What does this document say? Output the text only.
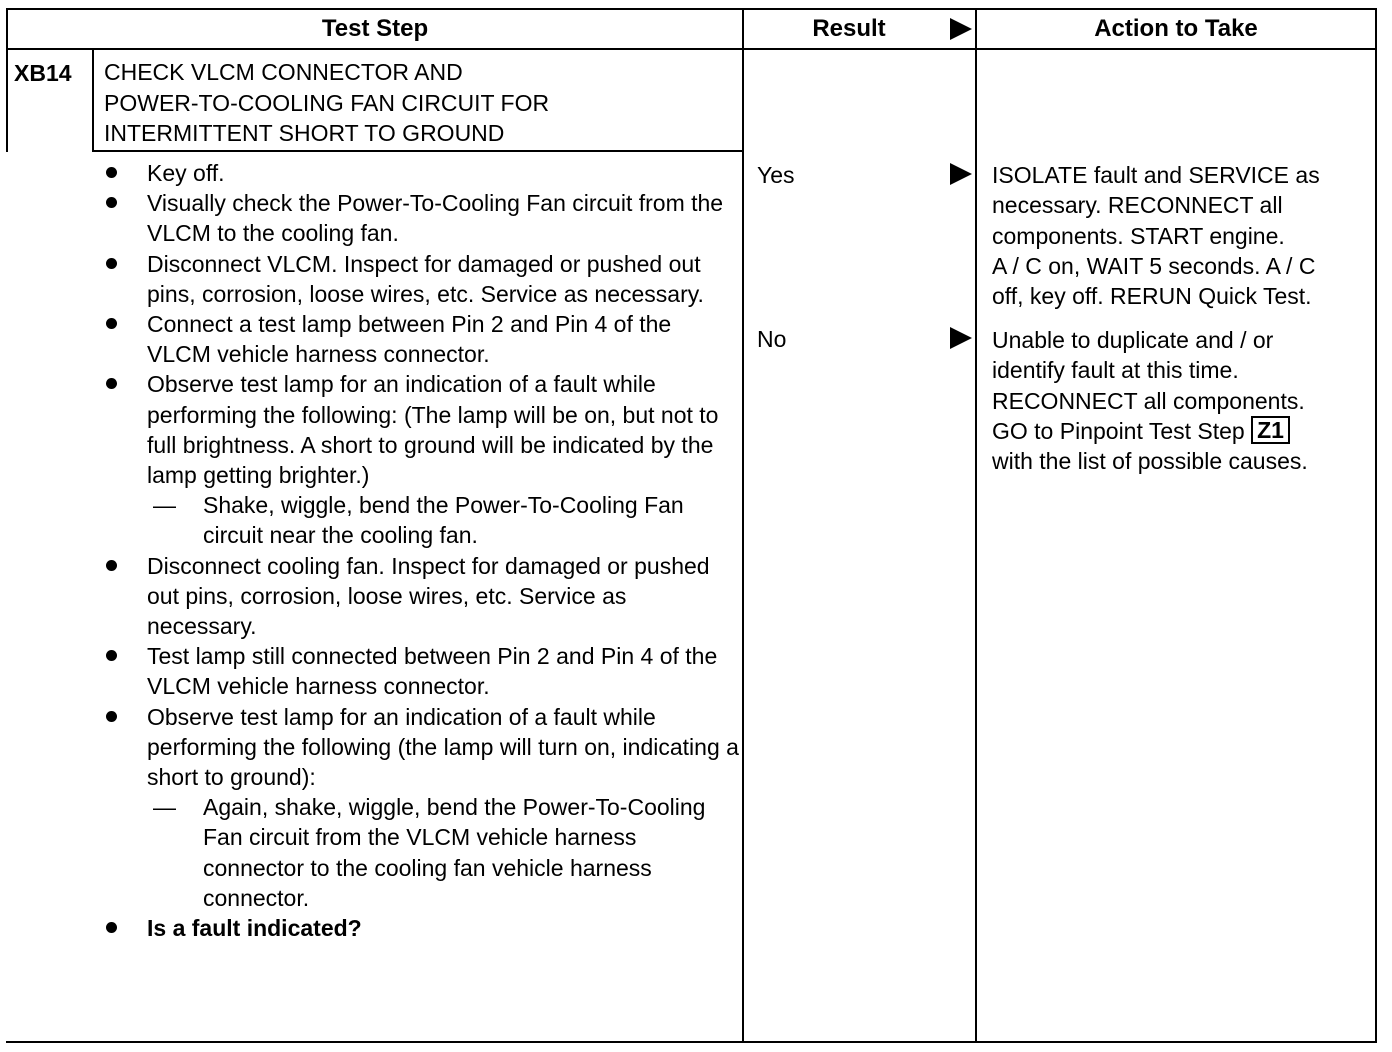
Test Step	Result	Action to Take
XB14 CHECK VLCM CONNECTOR AND
POWER-TO-COOLING FAN CIRCUIT FOR
INTERMITTENT SHORT TO GROUND
Key off.
Visually check the Power-To-Cooling Fan circuit from the VLCM to the cooling fan.
Disconnect VLCM. Inspect for damaged or pushed out pins, corrosion, loose wires, etc. Service as necessary.
Connect a test lamp between Pin 2 and Pin 4 of the VLCM vehicle harness connector.
Observe test lamp for an indication of a fault while performing the following: (The lamp will be on, but not to full brightness. A short to ground will be indicated by the lamp getting brighter.)
— Shake, wiggle, bend the Power-To-Cooling Fan circuit near the cooling fan.
Disconnect cooling fan. Inspect for damaged or pushed out pins, corrosion, loose wires, etc. Service as necessary.
Test lamp still connected between Pin 2 and Pin 4 of the VLCM vehicle harness connector.
Observe test lamp for an indication of a fault while performing the following (the lamp will turn on, indicating a short to ground):
— Again, shake, wiggle, bend the Power-To-Cooling Fan circuit from the VLCM vehicle harness connector to the cooling fan vehicle harness connector.
Is a fault indicated?
Yes
No
ISOLATE fault and SERVICE as
necessary. RECONNECT all
components. START engine.
A / C on, WAIT 5 seconds. A / C
off, key off. RERUN Quick Test.
Unable to duplicate and / or
identify fault at this time.
RECONNECT all components.
GO to Pinpoint Test Step Z1
with the list of possible causes.
